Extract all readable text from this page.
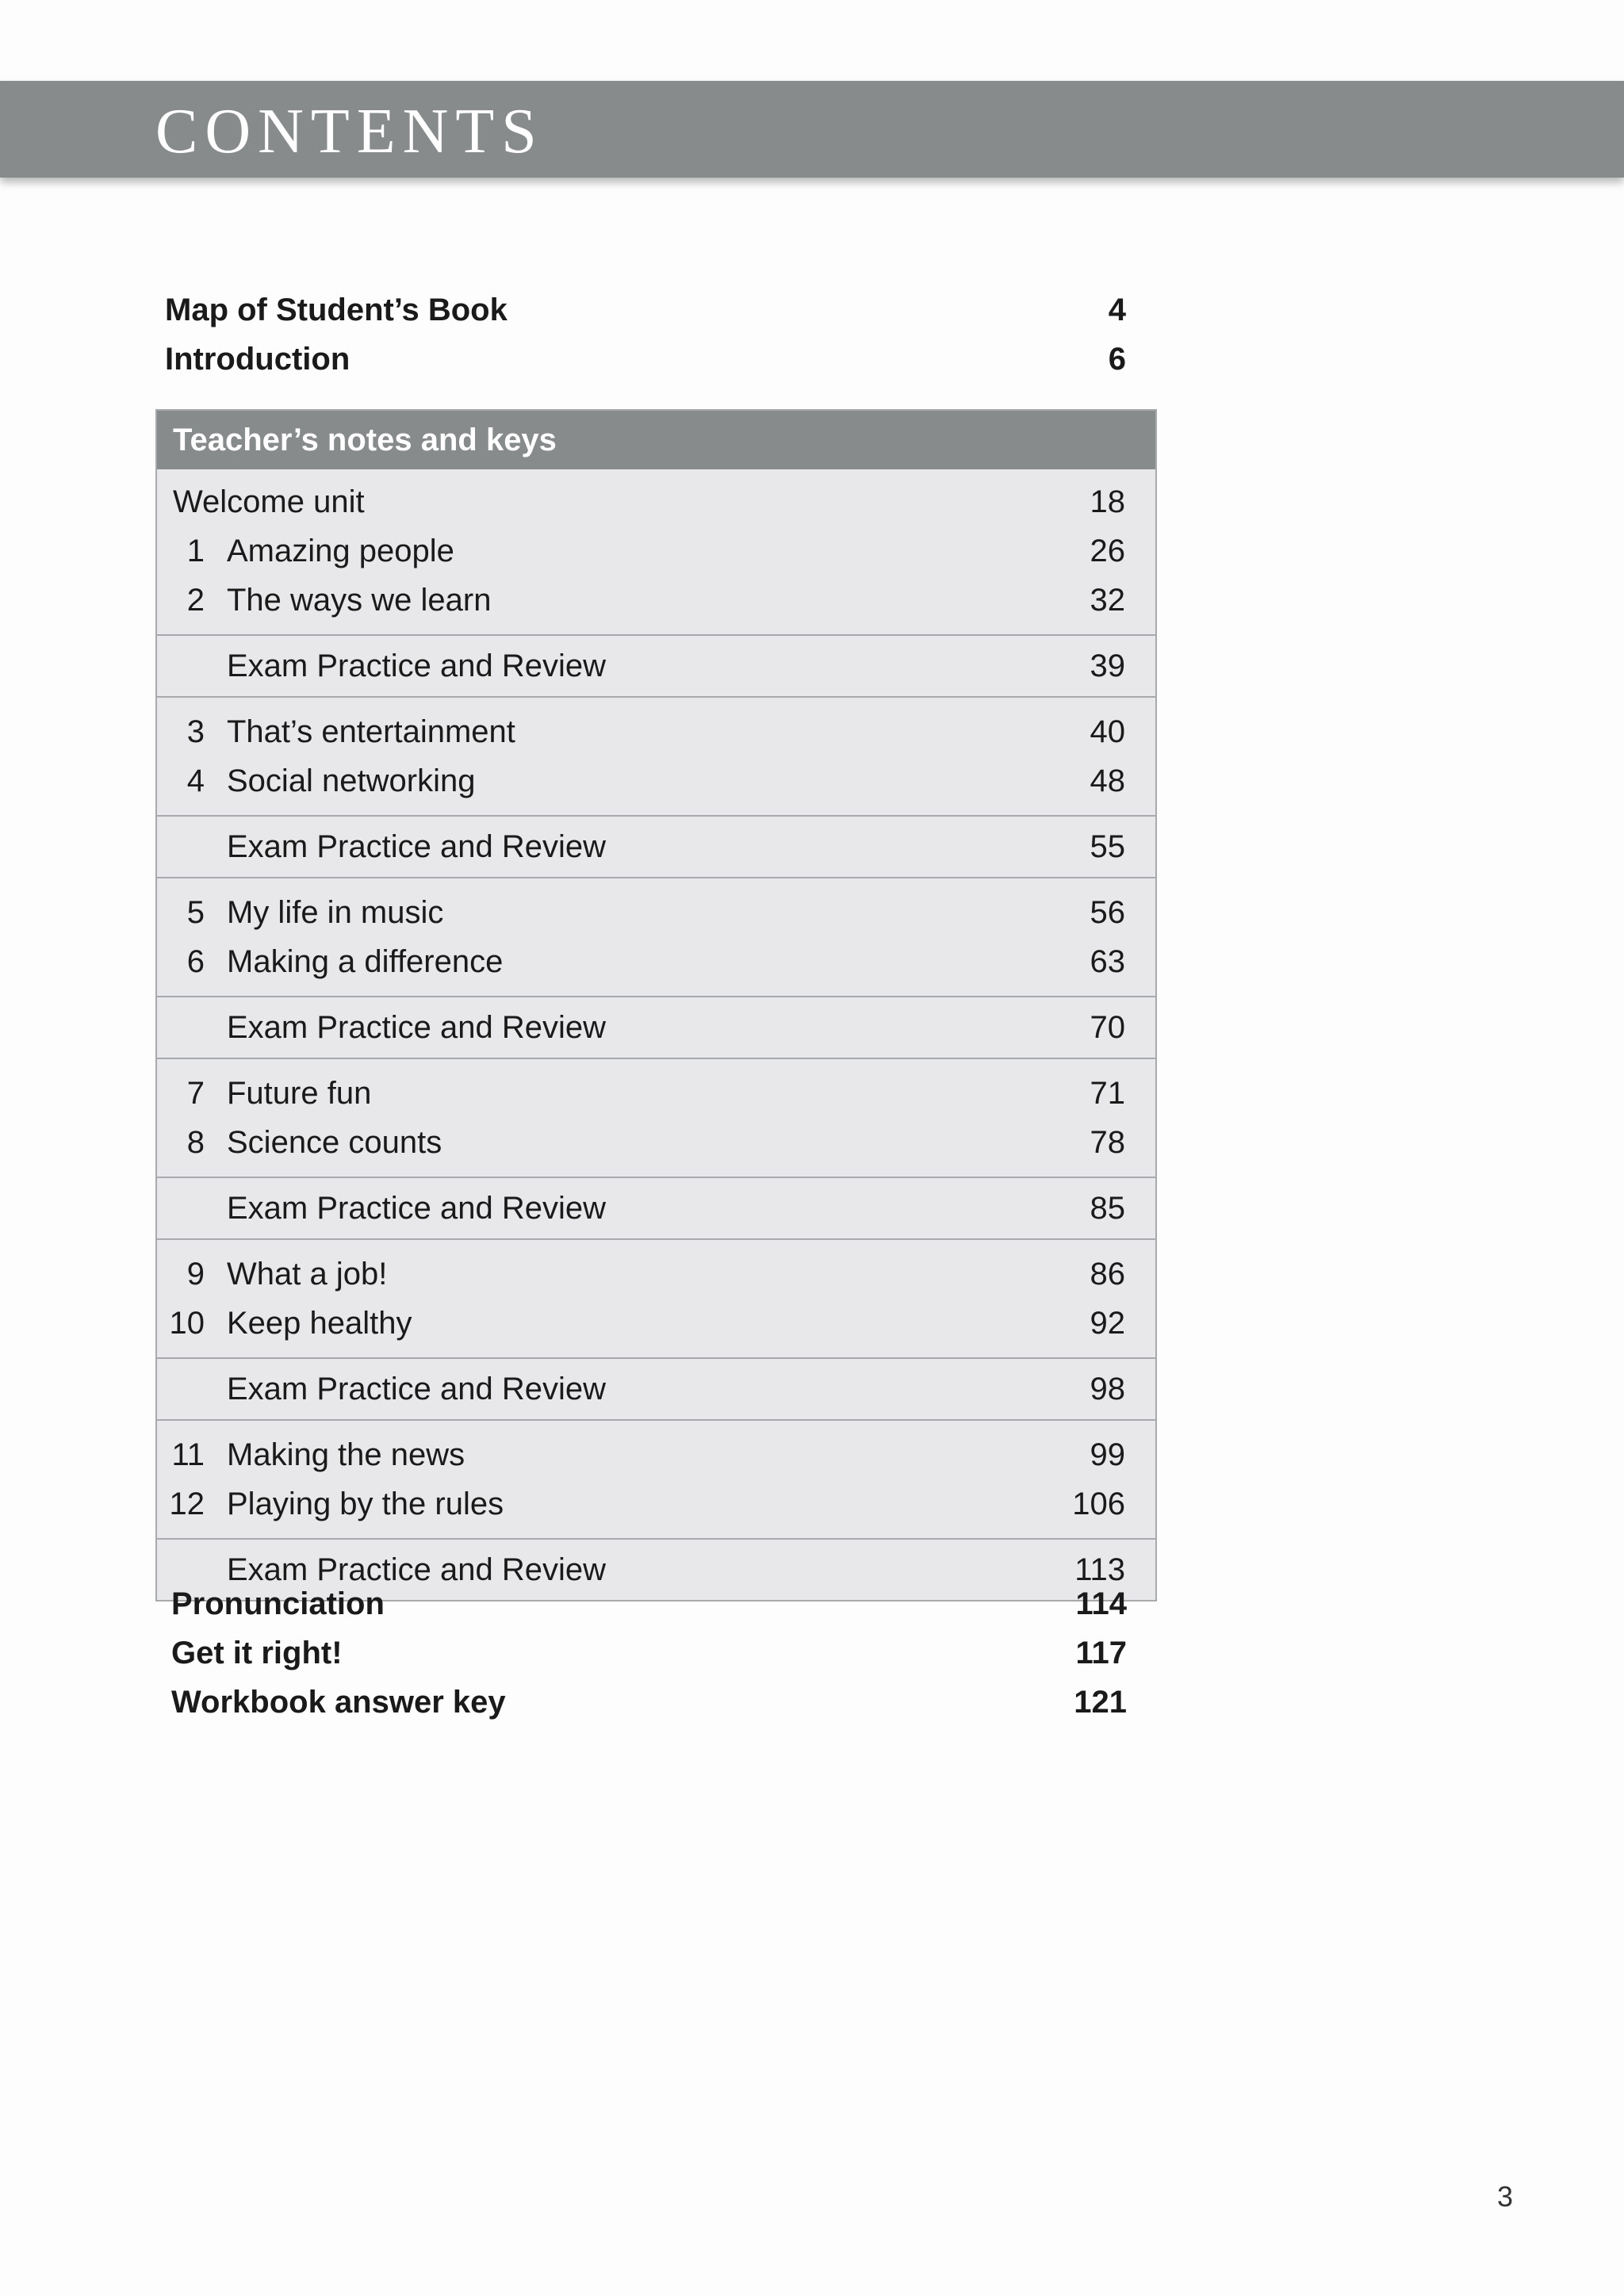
CONTENTS
Map of Student’s Book	4
Introduction	6
Teacher’s notes and keys
Welcome unit	18
1 Amazing people	26
2 The ways we learn	32
Exam Practice and Review	39
3 That’s entertainment	40
4 Social networking	48
Exam Practice and Review	55
5 My life in music	56
6 Making a difference	63
Exam Practice and Review	70
7 Future fun	71
8 Science counts	78
Exam Practice and Review	85
9 What a job!	86
10 Keep healthy	92
Exam Practice and Review	98
11 Making the news	99
12 Playing by the rules	106
Exam Practice and Review	113
Pronunciation	114
Get it right!	117
Workbook answer key	121
3
